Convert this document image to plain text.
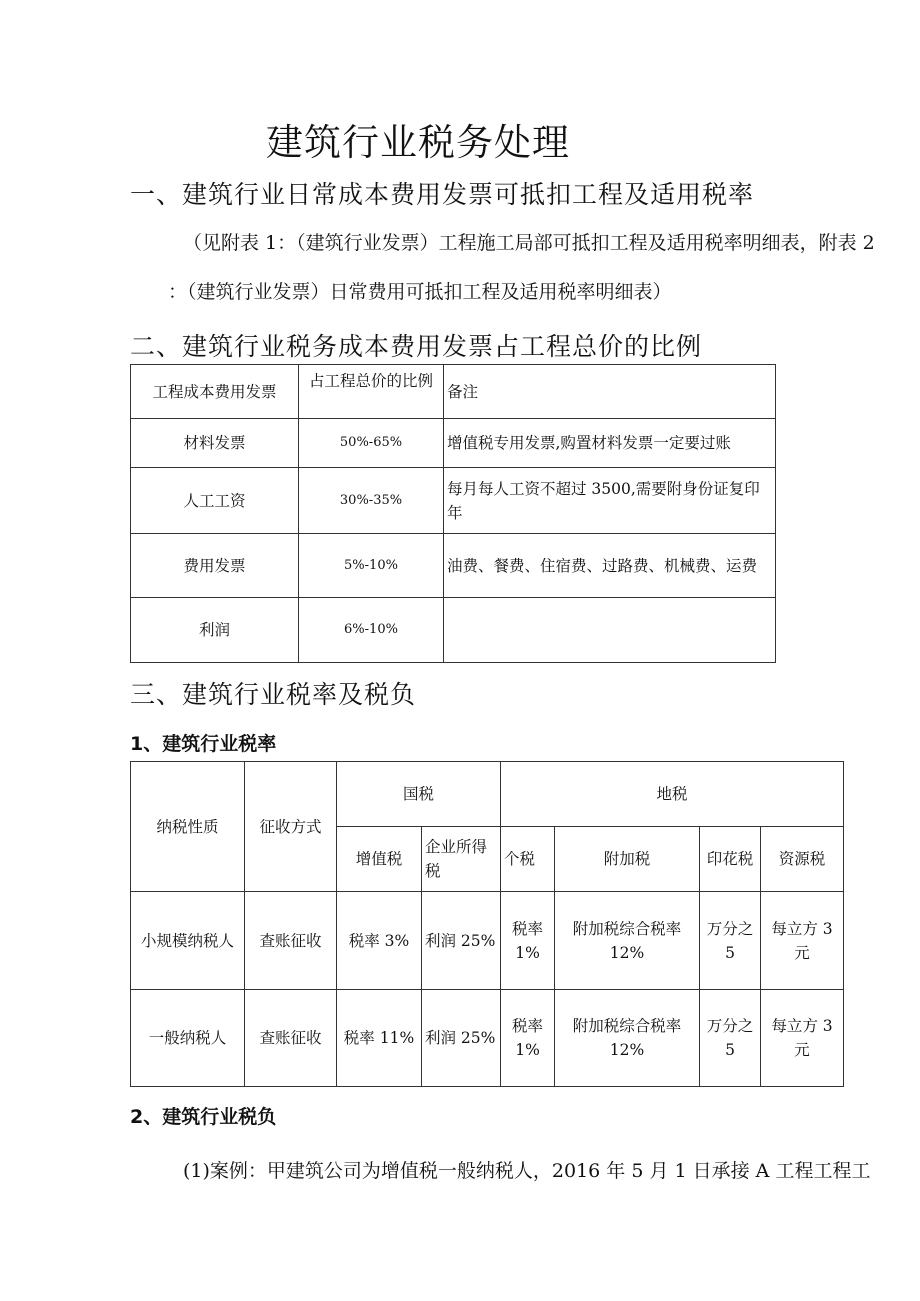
建筑行业税务处理
一、建筑行业日常成本费用发票可抵扣工程及适用税率
（见附表 1：（建筑行业发票）工程施工局部可抵扣工程及适用税率明细表，附表 2
：（建筑行业发票）日常费用可抵扣工程及适用税率明细表）
二、建筑行业税务成本费用发票占工程总价的比例
工程成本费用发票	占工程总价的比例	备注
材料发票	50%-65%	增值税专用发票,购置材料发票一定要过账
人工工资	30%-35%	每月每人工资不超过 3500,需要附身份证复印年
费用发票	5%-10%	油费、餐费、住宿费、过路费、机械费、运费
利润	6%-10%	
三、建筑行业税率及税负
1、建筑行业税率
纳税性质	征收方式	国税		地税			
		增值税	企业所得税	个税	附加税	印花税	资源税
小规模纳税人	查账征收	税率 3%	利润 25%	税率 1%	附加税综合税率 12%	万分之 5	每立方 3 元
一般纳税人	查账征收	税率 11%	利润 25%	税率 1%	附加税综合税率 12%	万分之 5	每立方 3 元
2、建筑行业税负
(1)案例：甲建筑公司为增值税一般纳税人，2016 年 5 月 1 日承接 A 工程工程工
